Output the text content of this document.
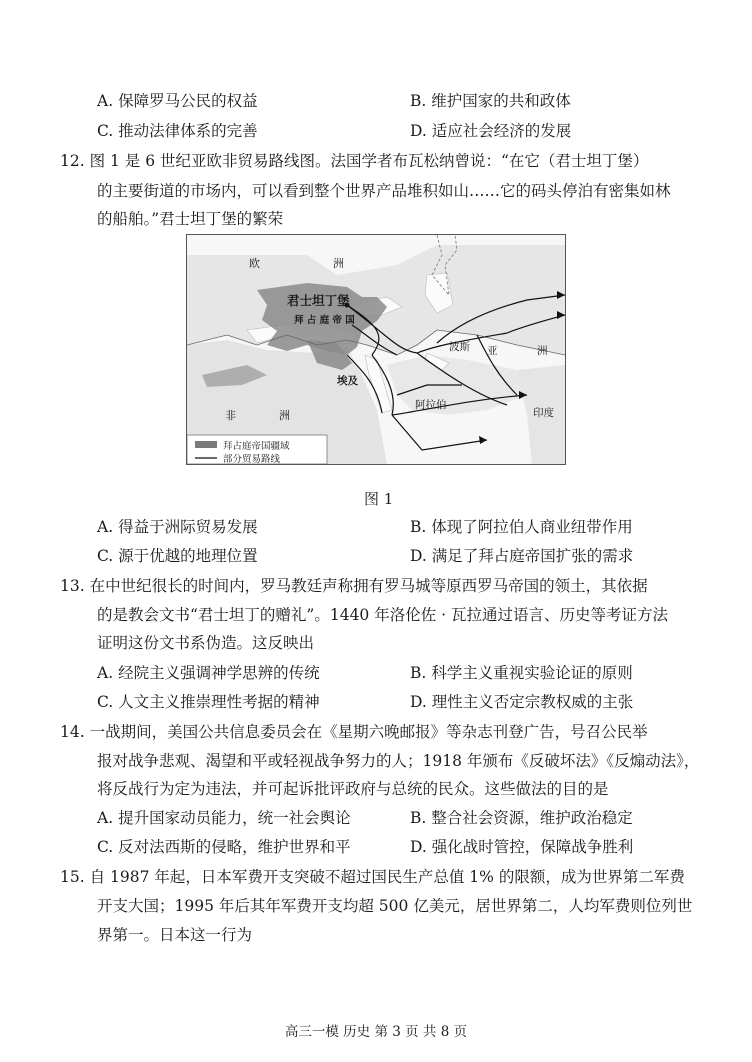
A. 保障罗马公民的权益	B. 维护国家的共和政体
C. 推动法律体系的完善	D. 适应社会经济的发展
12. 图 1 是 6 世纪亚欧非贸易路线图。法国学者布瓦松纳曾说：“在它（君士坦丁堡）
的主要街道的市场内，可以看到整个世界产品堆积如山……它的码头停泊有密集如林
的船舶。”君士坦丁堡的繁荣
欧	洲
君士坦丁堡
拜 占 庭 帝 国
波斯 亚	洲
埃及
非	洲
阿拉伯
印度
拜占庭帝国疆域
部分贸易路线
图 1
A. 得益于洲际贸易发展	B. 体现了阿拉伯人商业纽带作用
C. 源于优越的地理位置	D. 满足了拜占庭帝国扩张的需求
13. 在中世纪很长的时间内，罗马教廷声称拥有罗马城等原西罗马帝国的领土，其依据
的是教会文书“君士坦丁的赠礼”。1440 年洛伦佐 · 瓦拉通过语言、历史等考证方法
证明这份文书系伪造。这反映出
A. 经院主义强调神学思辨的传统	B. 科学主义重视实验论证的原则
C. 人文主义推崇理性考据的精神	D. 理性主义否定宗教权威的主张
14. 一战期间，美国公共信息委员会在《星期六晚邮报》等杂志刊登广告，号召公民举
报对战争悲观、渴望和平或轻视战争努力的人；1918 年颁布《反破坏法》《反煽动法》，
将反战行为定为违法，并可起诉批评政府与总统的民众。这些做法的目的是
A. 提升国家动员能力，统一社会舆论	B. 整合社会资源，维护政治稳定
C. 反对法西斯的侵略，维护世界和平	D. 强化战时管控，保障战争胜利
15. 自 1987 年起，日本军费开支突破不超过国民生产总值 1% 的限额，成为世界第二军费
开支大国；1995 年后其年军费开支均超 500 亿美元，居世界第二，人均军费则位列世
界第一。日本这一行为
高三一模 历史 第 3 页 共 8 页
